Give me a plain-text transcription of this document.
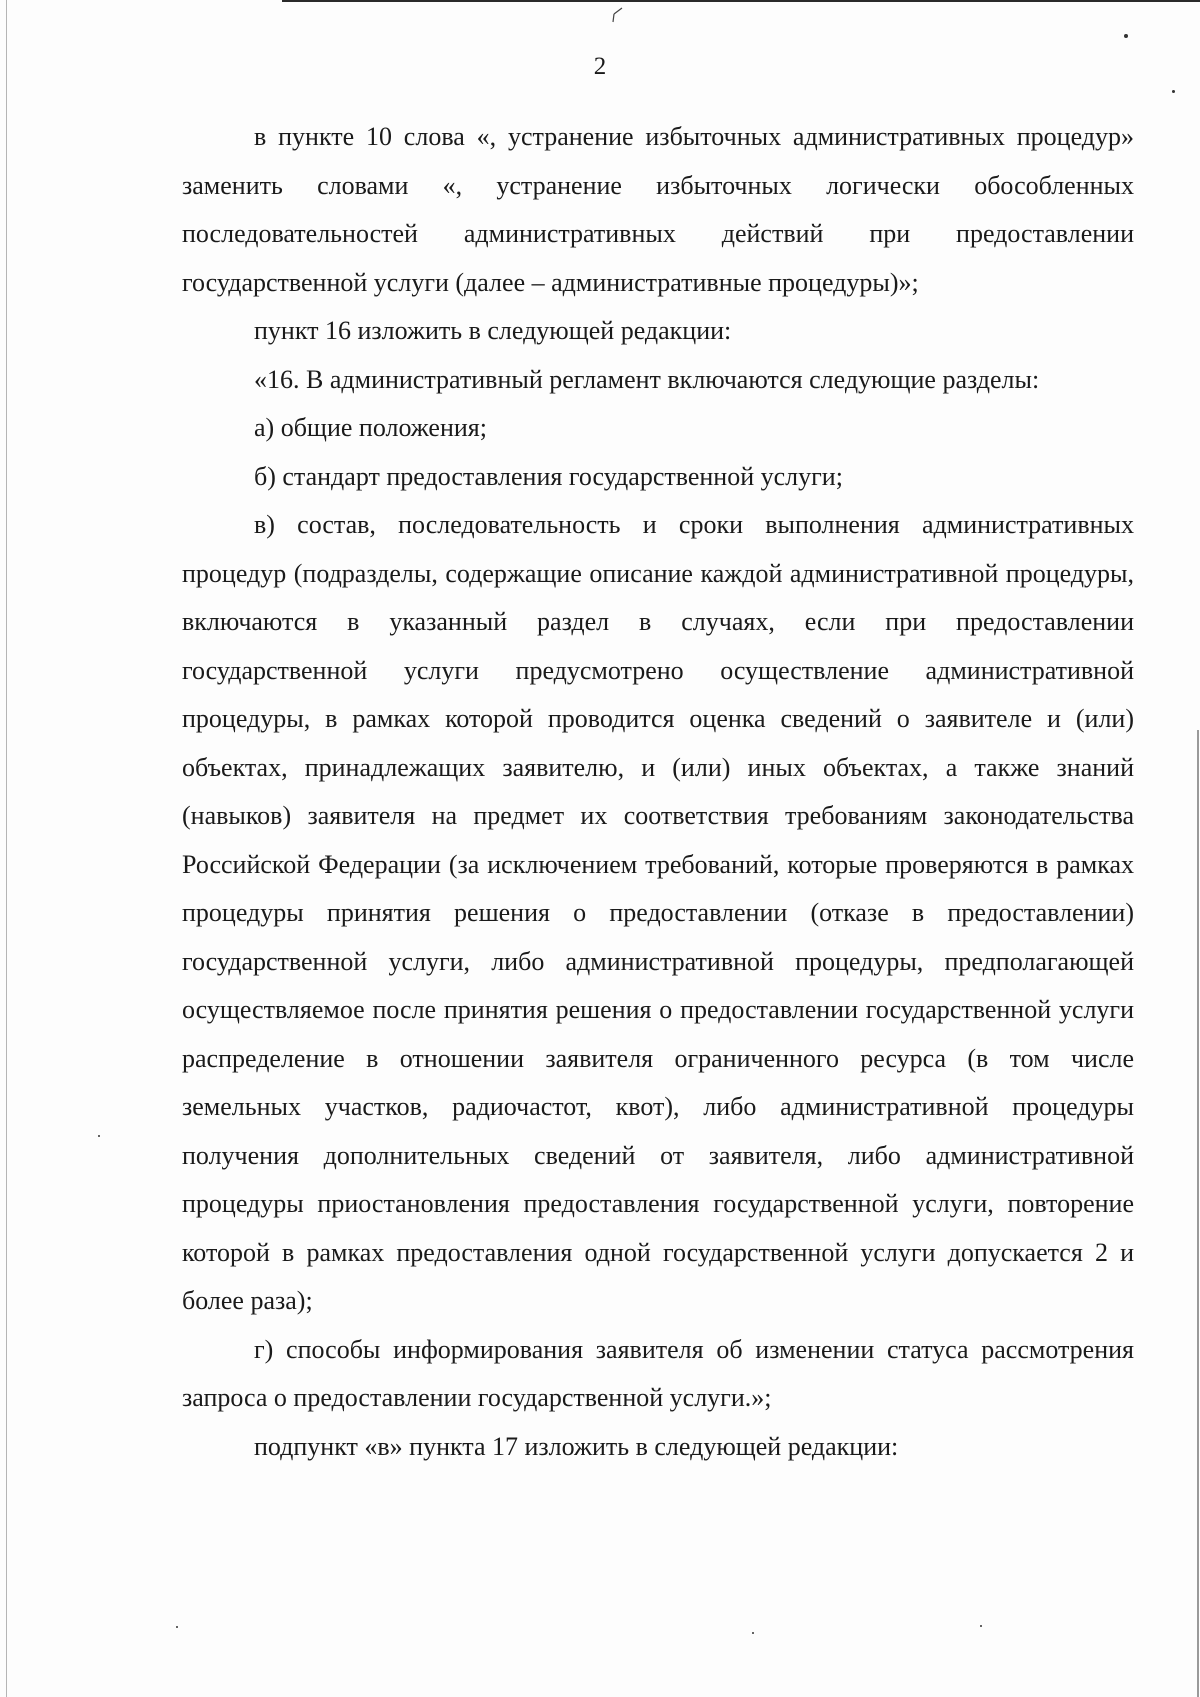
2

в пункте 10 слова «, устранение избыточных административных процедур» заменить словами «, устранение избыточных логически обособленных последовательностей административных действий при предоставлении государственной услуги (далее – административные процедуры)»;

пункт 16 изложить в следующей редакции:

«16. В административный регламент включаются следующие разделы:

а) общие положения;

б) стандарт предоставления государственной услуги;

в) состав, последовательность и сроки выполнения административных процедур (подразделы, содержащие описание каждой административной процедуры, включаются в указанный раздел в случаях, если при предоставлении государственной услуги предусмотрено осуществление административной процедуры, в рамках которой проводится оценка сведений о заявителе и (или) объектах, принадлежащих заявителю, и (или) иных объектах, а также знаний (навыков) заявителя на предмет их соответствия требованиям законодательства Российской Федерации (за исключением требований, которые проверяются в рамках процедуры принятия решения о предоставлении (отказе в предоставлении) государственной услуги, либо административной процедуры, предполагающей осуществляемое после принятия решения о предоставлении государственной услуги распределение в отношении заявителя ограниченного ресурса (в том числе земельных участков, радиочастот, квот), либо административной процедуры получения дополнительных сведений от заявителя, либо административной процедуры приостановления предоставления государственной услуги, повторение которой в рамках предоставления одной государственной услуги допускается 2 и более раза);

г) способы информирования заявителя об изменении статуса рассмотрения запроса о предоставлении государственной услуги.»;

подпункт «в» пункта 17 изложить в следующей редакции:
